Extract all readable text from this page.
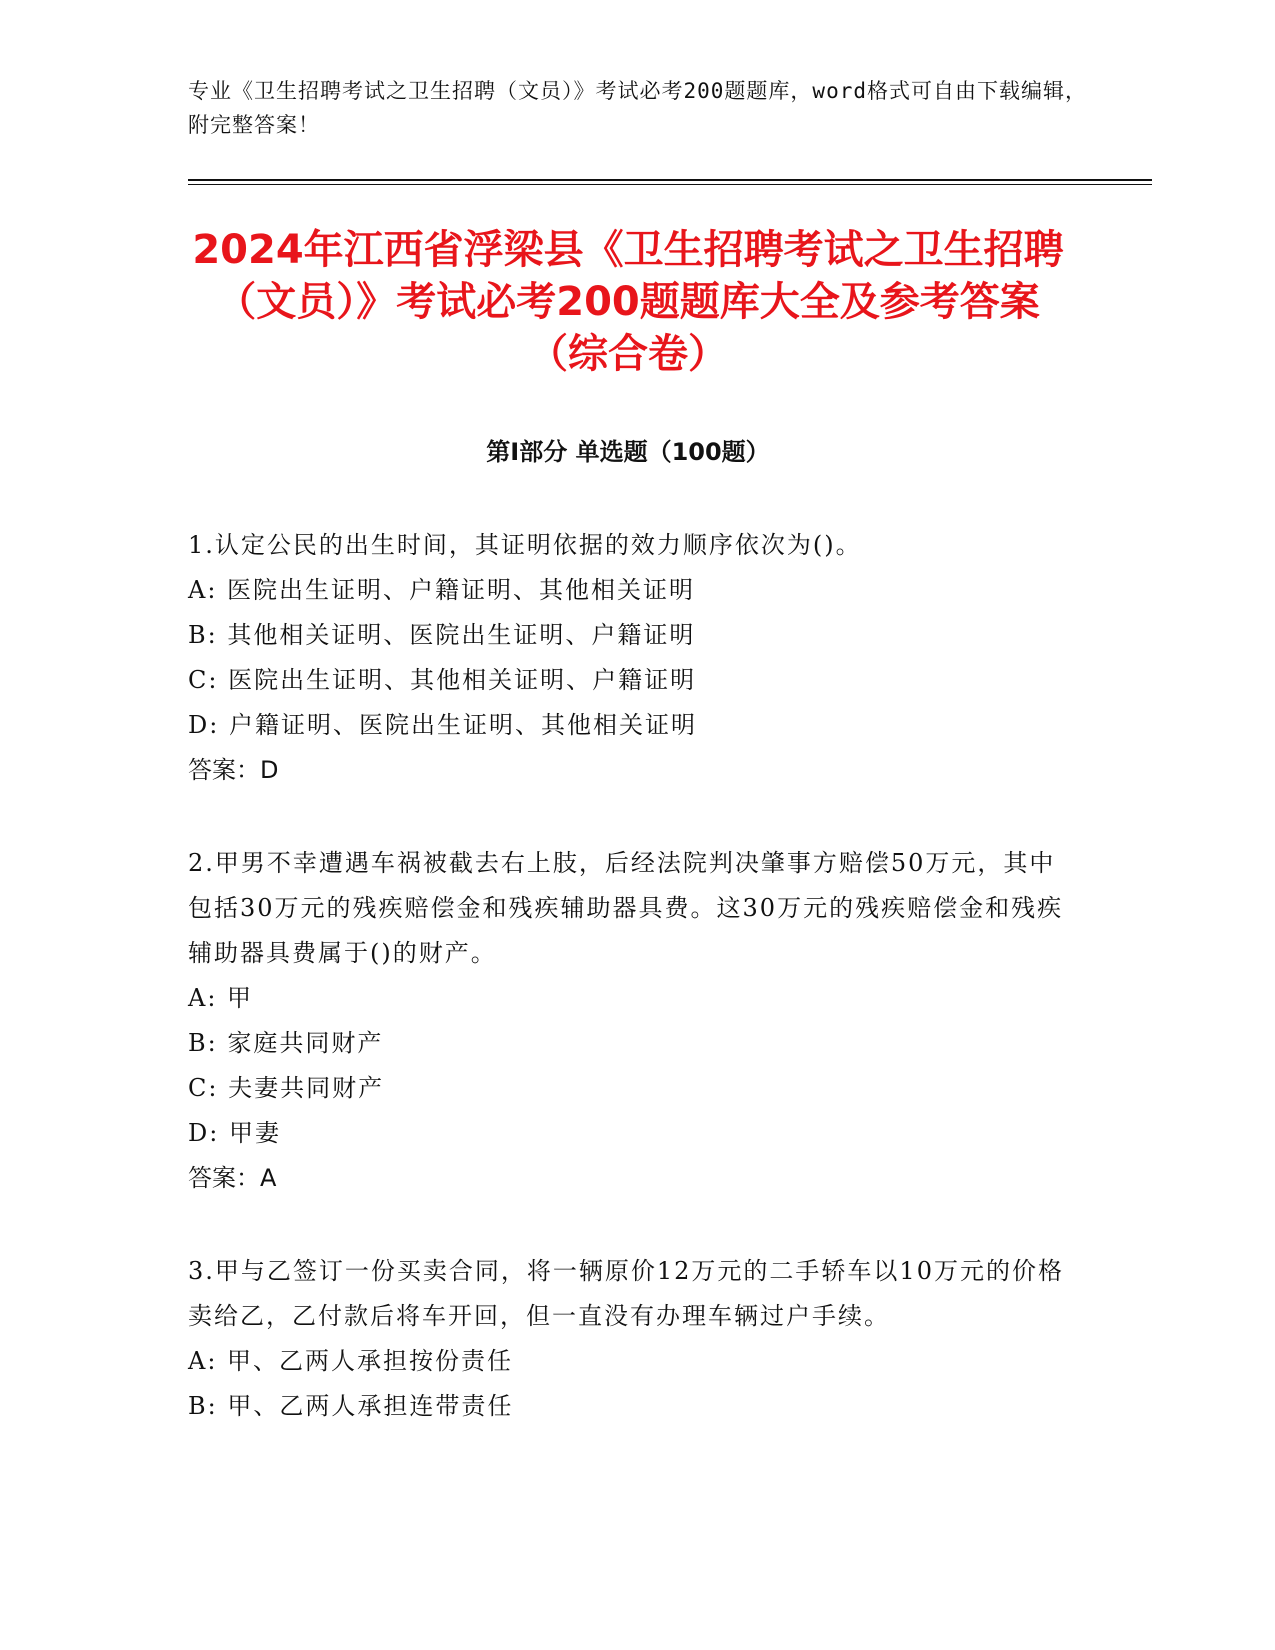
专业《卫生招聘考试之卫生招聘（文员）》考试必考200题题库，word格式可自由下载编辑，附完整答案！
2024年江西省浮梁县《卫生招聘考试之卫生招聘（文员）》考试必考200题题库大全及参考答案（综合卷）
第Ⅰ部分 单选题（100题）
1.认定公民的出生时间，其证明依据的效力顺序依次为()。
A: 医院出生证明、户籍证明、其他相关证明
B: 其他相关证明、医院出生证明、户籍证明
C: 医院出生证明、其他相关证明、户籍证明
D: 户籍证明、医院出生证明、其他相关证明
答案：D
2.甲男不幸遭遇车祸被截去右上肢，后经法院判决肇事方赔偿50万元，其中包括30万元的残疾赔偿金和残疾辅助器具费。这30万元的残疾赔偿金和残疾辅助器具费属于()的财产。
A: 甲
B: 家庭共同财产
C: 夫妻共同财产
D: 甲妻
答案：A
3.甲与乙签订一份买卖合同，将一辆原价12万元的二手轿车以10万元的价格卖给乙，乙付款后将车开回，但一直没有办理车辆过户手续。
A: 甲、乙两人承担按份责任
B: 甲、乙两人承担连带责任
